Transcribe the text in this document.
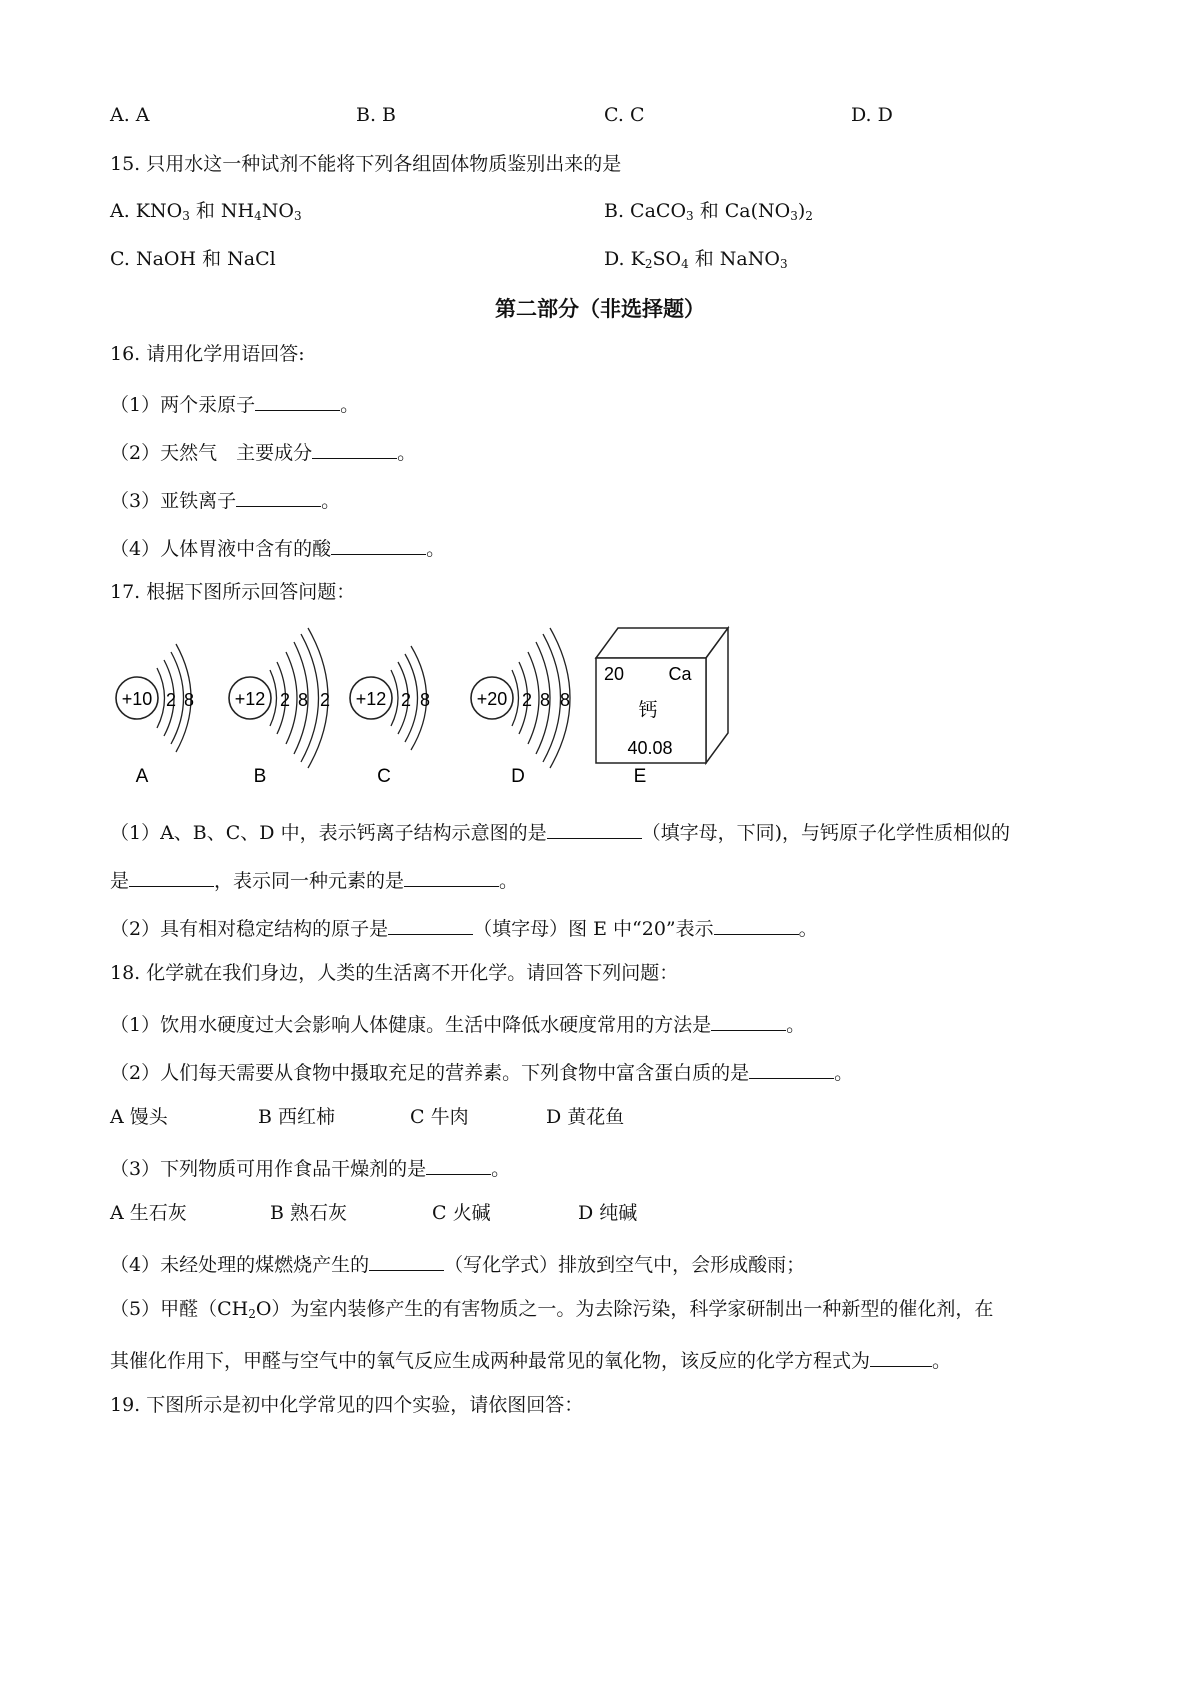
A. A	B. B	C. C	D. D
15. 只用水这一种试剂不能将下列各组固体物质鉴别出来的是
A. $KNO_3$ 和 $NH_4NO_3$	B. CaCO$_3$ 和 $Ca(NO_3)_2$
C. NaOH 和 NaCl	D. $K_2SO_4$ 和 NaNO$_3$
第二部分（非选择题）
16. 请用化学用语回答:
（1）两个汞原子	。
（2）天然气　主要成分	。
（3）亚铁离子	。
（4）人体胃液中含有的酸	。
17. 根据下图所示回答问题：
+10 2 8
A
+12 2 8 2
B
+12 2 8
C
+20 2 8 8
D
20 Ca
钙
40.08
E
（1）A、B、C、D 中，表示钙离子结构示意图的是	（填字母，下同)，与钙原子化学性质相似的
是	，表示同一种元素的是	。
（2）具有相对稳定结构的原子是	（填字母）图 E 中“20”表示	。
18. 化学就在我们身边，人类的生活离不开化学。请回答下列问题：
（1）饮用水硬度过大会影响人体健康。生活中降低水硬度常用的方法是	。
（2）人们每天需要从食物中摄取充足的营养素。下列食物中富含蛋白质的是	。
A 馒头	B 西红柿	C 牛肉	D 黄花鱼
（3）下列物质可用作食品干燥剂的是	。
A 生石灰	B 熟石灰	C 火碱	D 纯碱
（4）未经处理的煤燃烧产生的	（写化学式）排放到空气中，会形成酸雨；
（5）甲醛$(CH_2O)$为室内装修产生的有害物质之一。为去除污染，科学家研制出一种新型的催化剂，在
其催化作用下，甲醛与空气中的氧气反应生成两种最常见的氧化物，该反应的化学方程式为	。
19. 下图所示是初中化学常见的四个实验，请依图回答：
